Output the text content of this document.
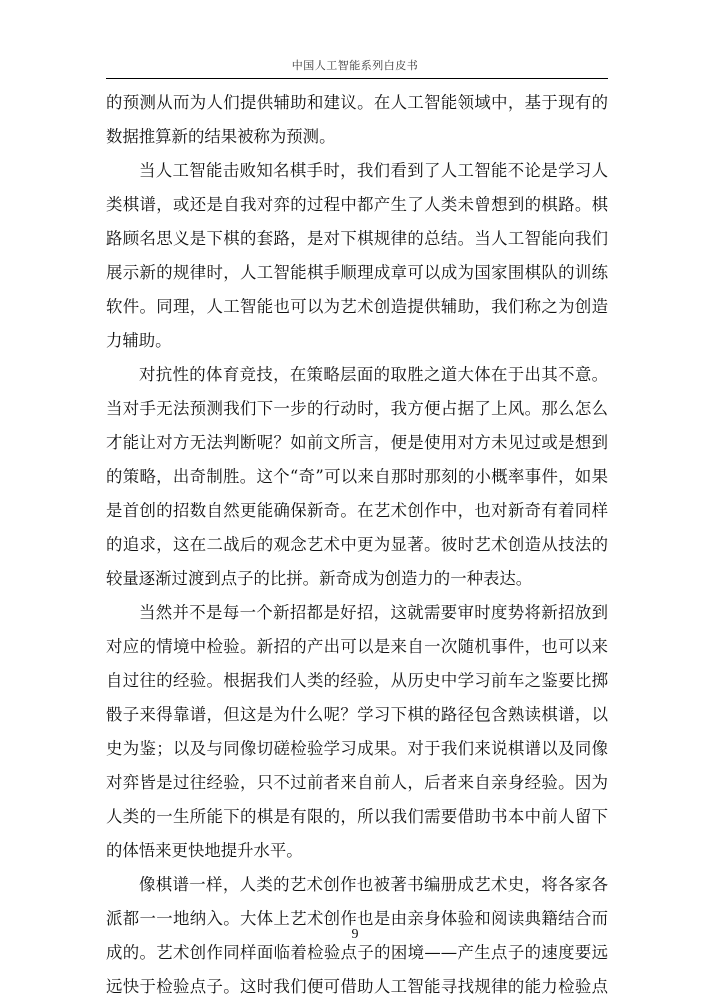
中国人工智能系列白皮书
的预测从而为人们提供辅助和建议。在人工智能领域中，基于现有的
数据推算新的结果被称为预测。
当人工智能击败知名棋手时，我们看到了人工智能不论是学习人
类棋谱，或还是自我对弈的过程中都产生了人类未曾想到的棋路。棋
路顾名思义是下棋的套路，是对下棋规律的总结。当人工智能向我们
展示新的规律时，人工智能棋手顺理成章可以成为国家围棋队的训练
软件。同理，人工智能也可以为艺术创造提供辅助，我们称之为创造
力辅助。
对抗性的体育竞技，在策略层面的取胜之道大体在于出其不意。
当对手无法预测我们下一步的行动时，我方便占据了上风。那么怎么
才能让对方无法判断呢？如前文所言，便是使用对方未见过或是想到
的策略，出奇制胜。这个“奇”可以来自那时那刻的小概率事件，如果
是首创的招数自然更能确保新奇。在艺术创作中，也对新奇有着同样
的追求，这在二战后的观念艺术中更为显著。彼时艺术创造从技法的
较量逐渐过渡到点子的比拼。新奇成为创造力的一种表达。
当然并不是每一个新招都是好招，这就需要审时度势将新招放到
对应的情境中检验。新招的产出可以是来自一次随机事件，也可以来
自过往的经验。根据我们人类的经验，从历史中学习前车之鉴要比掷
骰子来得靠谱，但这是为什么呢？学习下棋的路径包含熟读棋谱，以
史为鉴；以及与同像切磋检验学习成果。对于我们来说棋谱以及同像
对弈皆是过往经验，只不过前者来自前人，后者来自亲身经验。因为
人类的一生所能下的棋是有限的，所以我们需要借助书本中前人留下
的体悟来更快地提升水平。
像棋谱一样，人类的艺术创作也被著书编册成艺术史，将各家各
派都一一地纳入。大体上艺术创作也是由亲身体验和阅读典籍结合而
成的。艺术创作同样面临着检验点子的困境——产生点子的速度要远
远快于检验点子。这时我们便可借助人工智能寻找规律的能力检验点
9
